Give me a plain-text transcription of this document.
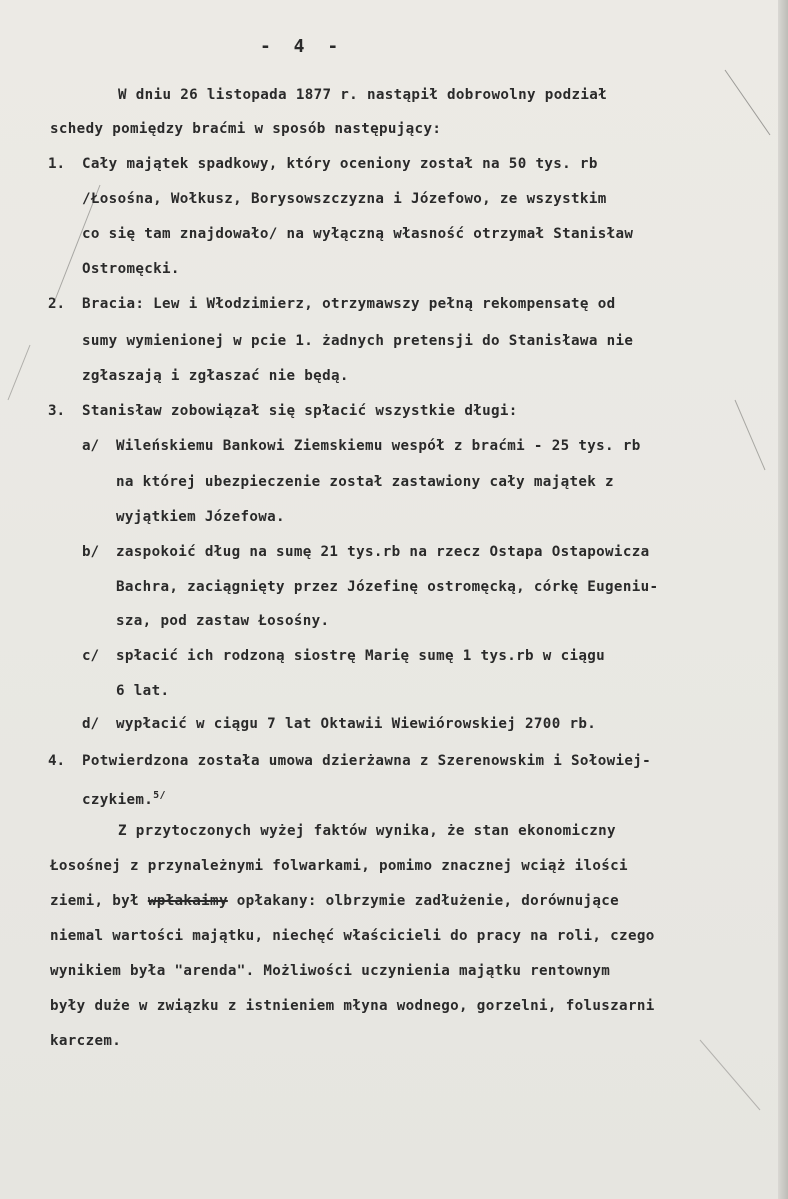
- 4 -
W dniu 26 listopada 1877 r. nastąpił dobrowolny podział
schedy pomiędzy braćmi w sposób następujący:
1. Cały majątek spadkowy, który oceniony został na 50 tys. rb
/Łosośna, Wołkusz, Borysowszczyzna i Józefowo, ze wszystkim
co się tam znajdowało/ na wyłączną własność otrzymał Stanisław
Ostromęcki.
2. Bracia: Lew i Włodzimierz, otrzymawszy pełną rekompensatę od
sumy wymienionej w pcie 1. żadnych pretensji do Stanisława nie
zgłaszają i zgłaszać nie będą.
3. Stanisław zobowiązał się spłacić wszystkie długi:
a/ Wileńskiemu Bankowi Ziemskiemu wespół z braćmi - 25 tys. rb
na której ubezpieczenie został zastawiony cały majątek z
wyjątkiem Józefowa.
b/ zaspokoić dług na sumę 21 tys.rb na rzecz Ostapa Ostapowicza
Bachra, zaciągnięty przez Józefinę ostromęcką, córkę Eugeniu-
sza, pod zastaw Łosośny.
c/ spłacić ich rodzoną siostrę Marię sumę 1 tys.rb w ciągu
6 lat.
d/ wypłacić w ciągu 7 lat Oktawii Wiewiórowskiej 2700 rb.
4. Potwierdzona została umowa dzierżawna z Szerenowskim i Sołowiej-
czykiem.$^{5/}$
Z przytoczonych wyżej faktów wynika, że stan ekonomiczny
Łosośnej z przynależnymi folwarkami, pomimo znacznej wciąż ilości
ziemi, był wpłakaimy opłakany: olbrzymie zadłużenie, dorównujące
niemal wartości majątku, niechęć właścicieli do pracy na roli, czego
wynikiem była "arenda". Możliwości uczynienia majątku rentownym
były duże w związku z istnieniem młyna wodnego, gorzelni, foluszarni
karczem.
